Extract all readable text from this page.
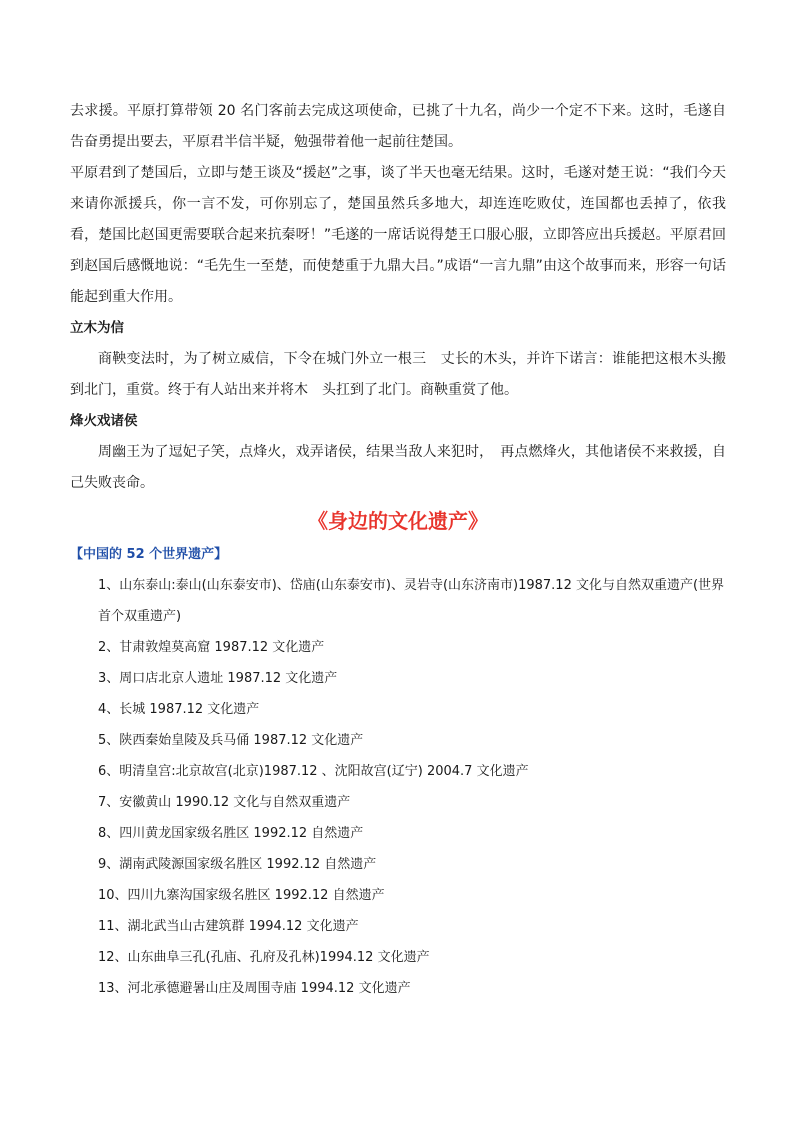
去求援。平原打算带领 20 名门客前去完成这项使命，已挑了十九名，尚少一个定不下来。这时，毛遂自告奋勇提出要去，平原君半信半疑，勉强带着他一起前往楚国。

平原君到了楚国后，立即与楚王谈及“援赵”之事，谈了半天也毫无结果。这时，毛遂对楚王说：“我们今天来请你派援兵，你一言不发，可你别忘了，楚国虽然兵多地大，却连连吃败仗，连国都也丢掉了，依我看，楚国比赵国更需要联合起来抗秦呀！”毛遂的一席话说得楚王口服心服，立即答应出兵援赵。平原君回到赵国后感慨地说：“毛先生一至楚，而使楚重于九鼎大吕。”成语“一言九鼎”由这个故事而来，形容一句话能起到重大作用。

立木为信

商鞅变法时，为了树立威信，下令在城门外立一根三　丈长的木头，并许下诺言：谁能把这根木头搬到北门，重赏。终于有人站出来并将木　头扛到了北门。商鞅重赏了他。

烽火戏诸侯

周幽王为了逗妃子笑，点烽火，戏弄诸侯，结果当敌人来犯时，　再点燃烽火，其他诸侯不来救援，自己失败丧命。

《身边的文化遗产》
【中国的 52 个世界遗产】
1、山东泰山:泰山(山东泰安市)、岱庙(山东泰安市)、灵岩寺(山东济南市)1987.12 文化与自然双重遗产(世界首个双重遗产)
2、甘肃敦煌莫高窟 1987.12 文化遗产
3、周口店北京人遗址 1987.12 文化遗产
4、长城 1987.12 文化遗产
5、陕西秦始皇陵及兵马俑 1987.12 文化遗产
6、明清皇宫:北京故宫(北京)1987.12 、沈阳故宫(辽宁) 2004.7 文化遗产
7、安徽黄山 1990.12 文化与自然双重遗产
8、四川黄龙国家级名胜区 1992.12 自然遗产
9、湖南武陵源国家级名胜区 1992.12 自然遗产
10、四川九寨沟国家级名胜区 1992.12 自然遗产
11、湖北武当山古建筑群 1994.12 文化遗产
12、山东曲阜三孔(孔庙、孔府及孔林)1994.12 文化遗产
13、河北承德避暑山庄及周围寺庙 1994.12 文化遗产
